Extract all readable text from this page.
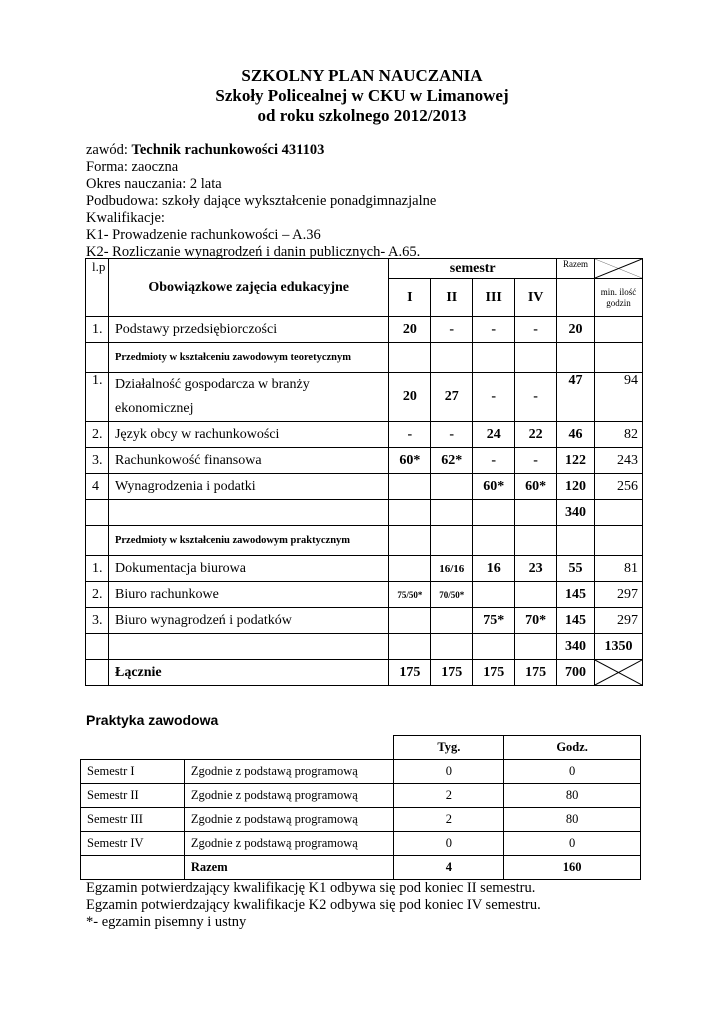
SZKOLNY PLAN NAUCZANIA
Szkoły Policealnej w CKU w Limanowej
od roku szkolnego 2012/2013
zawód: Technik rachunkowości 431103
Forma: zaoczna
Okres nauczania: 2 lata
Podbudowa: szkoły dające wykształcenie ponadgimnazjalne
Kwalifikacje:
K1- Prowadzenie rachunkowości – A.36
K2- Rozliczanie wynagrodzeń i danin publicznych- A.65.
l.p	Obowiązkowe zajęcia edukacyjne	semestr				Razem	

		I	II	III	IV		min. ilość godzin
1.	Podstawy przedsiębiorczości	20	-	-	-	20	
	Przedmioty w kształceniu zawodowym teoretycznym						
1.	Działalność gospodarcza w branży
ekonomicznej	20	27	-	-	47	94
2.	Język obcy w rachunkowości	-	-	24	22	46	82
3.	Rachunkowość finansowa	60*	62*	-	-	122	243
4	Wynagrodzenia i podatki			60*	60*	120	256
						340	
	Przedmioty w kształceniu zawodowym praktycznym						
1.	Dokumentacja biurowa		16/16	16	23	55	81
2.	Biuro rachunkowe	75/50*	70/50*			145	297
3.	Biuro wynagrodzeń i podatków			75*	70*	145	297
						340	1350
	Łącznie	175	175	175	175	700	
Praktyka zawodowa
		Tyg.	Godz.
Semestr I	Zgodnie z podstawą programową	0	0
Semestr II	Zgodnie z podstawą programową	2	80
Semestr III	Zgodnie z podstawą programową	2	80
Semestr IV	Zgodnie z podstawą programową	0	0
	Razem	4	160
Egzamin potwierdzający kwalifikację K1 odbywa się pod koniec II semestru.
Egzamin potwierdzający kwalifikacje K2 odbywa się pod koniec IV semestru.
*- egzamin pisemny i ustny
